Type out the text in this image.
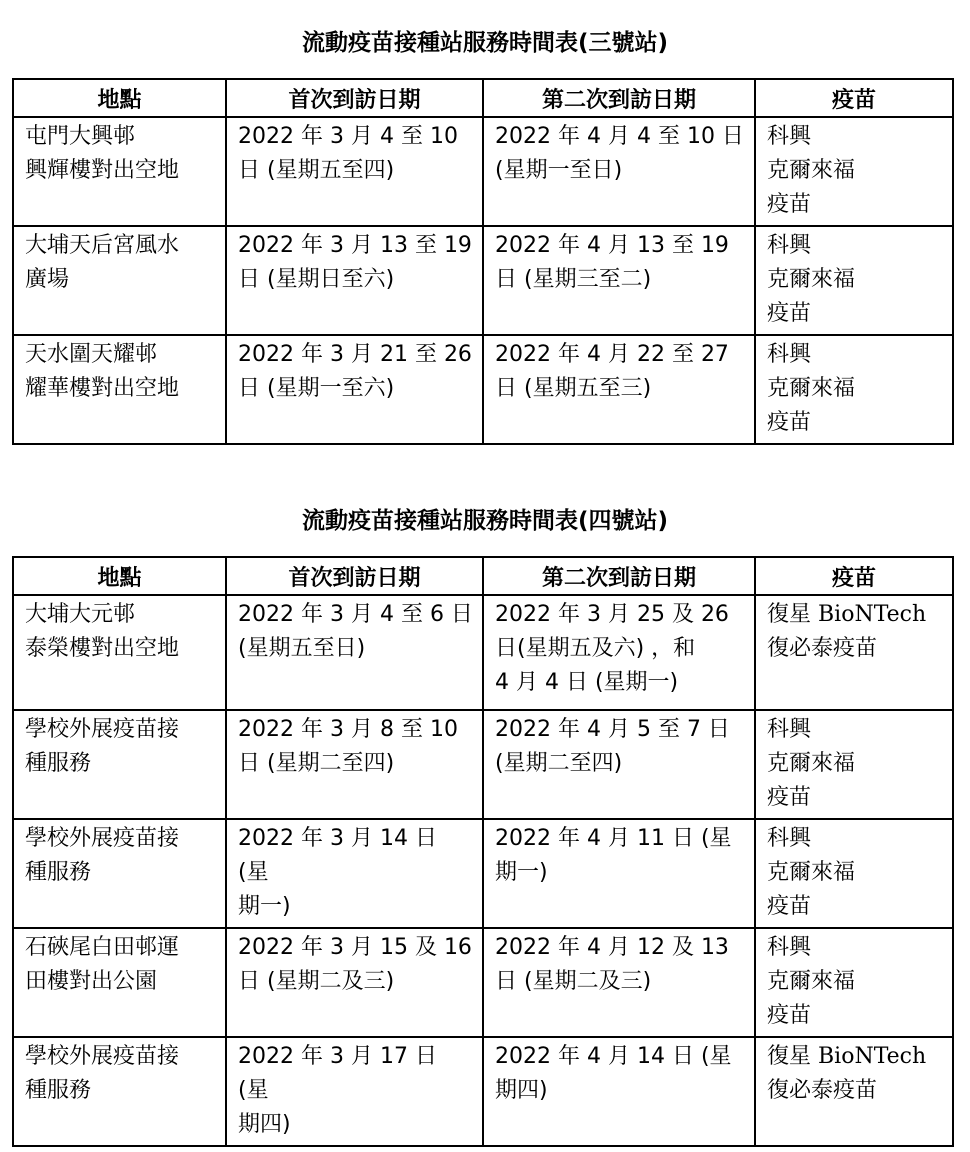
流動疫苗接種站服務時間表(三號站)
地點	首次到訪日期	第二次到訪日期	疫苗

屯門大興邨
興輝樓對出空地	2022 年 3 月 4 至 10
日 (星期五至四)	2022 年 4 月 4 至 10 日
(星期一至日)	科興
克爾來福
疫苗

大埔天后宮風水
廣場	2022 年 3 月 13 至 19
日 (星期日至六)	2022 年 4 月 13 至 19
日 (星期三至二)	科興
克爾來福
疫苗

天水圍天耀邨
耀華樓對出空地	2022 年 3 月 21 至 26
日 (星期一至六)	2022 年 4 月 22 至 27
日 (星期五至三)	科興
克爾來福
疫苗
流動疫苗接種站服務時間表(四號站)
地點	首次到訪日期	第二次到訪日期	疫苗

大埔大元邨
泰榮樓對出空地	2022 年 3 月 4 至 6 日
(星期五至日)	2022 年 3 月 25 及 26
日(星期五及六) ，和
4 月 4 日 (星期一)	復星 BioNTech
復必泰疫苗

學校外展疫苗接
種服務	2022 年 3 月 8 至 10
日 (星期二至四)	2022 年 4 月 5 至 7 日
(星期二至四)	科興
克爾來福
疫苗

學校外展疫苗接
種服務	2022 年 3 月 14 日 (星
期一)	2022 年 4 月 11 日 (星
期一)	科興
克爾來福
疫苗

石硤尾白田邨運
田樓對出公園	2022 年 3 月 15 及 16
日 (星期二及三)	2022 年 4 月 12 及 13
日 (星期二及三)	科興
克爾來福
疫苗

學校外展疫苗接
種服務	2022 年 3 月 17 日 (星
期四)	2022 年 4 月 14 日 (星
期四)	復星 BioNTech
復必泰疫苗
